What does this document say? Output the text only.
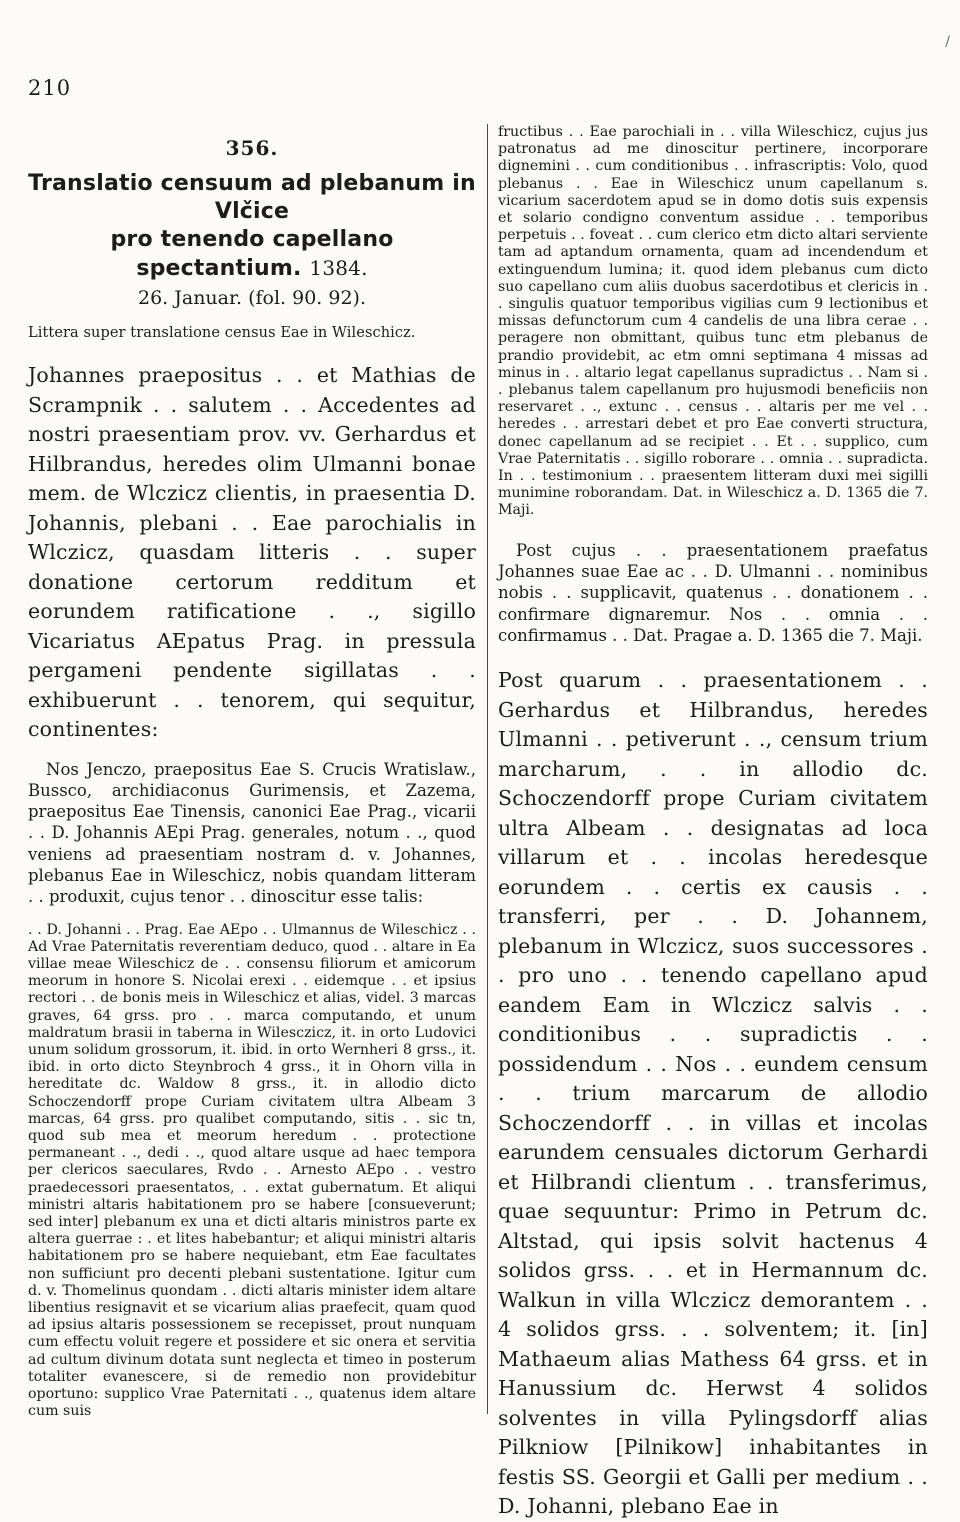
210
/
356.
Translatio censuum ad plebanum in Vlčice
pro tenendo capellano spectantium. 1384.
26. Januar. (fol. 90. 92).
Littera super translatione census Eae in Wileschicz.

Johannes praepositus . . et Mathias de Scrampnik . . salutem . . Accedentes ad nostri praesentiam prov. vv. Gerhardus et Hilbrandus, heredes olim Ulmanni bonae mem. de Wlczicz clientis, in praesentia D. Johannis, plebani . . Eae parochialis in Wlczicz, quasdam litteris . . super donatione certorum redditum et eorundem ratificatione . ., sigillo Vicariatus AEpatus Prag. in pressula pergameni pendente sigillatas . . exhibuerunt . . tenorem, qui sequitur, continentes:

Nos Jenczo, praepositus Eae S. Crucis Wratislaw., Bussco, archidiaconus Gurimensis, et Zazema, praepositus Eae Tinensis, canonici Eae Prag., vicarii . . D. Johannis AEpi Prag. generales, notum . ., quod veniens ad praesentiam nostram d. v. Johannes, plebanus Eae in Wileschicz, nobis quandam litteram . . produxit, cujus tenor . . dinoscitur esse talis:

. . D. Johanni . . Prag. Eae AEpo . . Ulmannus de Wileschicz . . Ad Vrae Paternitatis reverentiam deduco, quod . . altare in Ea villae meae Wileschicz de . . consensu filiorum et amicorum meorum in honore S. Nicolai erexi . . eidemque . . et ipsius rectori . . de bonis meis in Wileschicz et alias, videl. 3 marcas graves, 64 grss. pro . . marca computando, et unum maldratum brasii in taberna in Wilesczicz, it. in orto Ludovici unum solidum grossorum, it. ibid. in orto Wernheri 8 grss., it. ibid. in orto dicto Steynbroch 4 grss., it in Ohorn villa in hereditate dc. Waldow 8 grss., it. in allodio dicto Schoczendorff prope Curiam civitatem ultra Albeam 3 marcas, 64 grss. pro qualibet computando, sitis . . sic tn, quod sub mea et meorum heredum . . protectione permaneant . ., dedi . ., quod altare usque ad haec tempora per clericos saeculares, Rvdo . . Arnesto AEpo . . vestro praedecessori praesentatos, . . extat gubernatum. Et aliqui ministri altaris habitationem pro se habere [consueverunt; sed inter] plebanum ex una et dicti altaris ministros parte ex altera guerrae : . et lites habebantur; et aliqui ministri altaris habitationem pro se habere nequiebant, etm Eae facultates non sufficiunt pro decenti plebani sustentatione. Igitur cum d. v. Thomelinus quondam . . dicti altaris minister idem altare libentius resignavit et se vicarium alias praefecit, quam quod ad ipsius altaris possessionem se recepisset, prout nunquam cum effectu voluit regere et possidere et sic onera et servitia ad cultum divinum dotata sunt neglecta et timeo in posterum totaliter evanescere, si de remedio non providebitur oportuno: supplico Vrae Paternitati . ., quatenus idem altare cum suis

fructibus . . Eae parochiali in . . villa Wileschicz, cujus jus patronatus ad me dinoscitur pertinere, incorporare dignemini . . cum conditionibus . . infrascriptis: Volo, quod plebanus . . Eae in Wileschicz unum capellanum s. vicarium sacerdotem apud se in domo dotis suis expensis et solario condigno conventum assidue . . temporibus perpetuis . . foveat . . cum clerico etm dicto altari serviente tam ad aptandum ornamenta, quam ad incendendum et extinguendum lumina; it. quod idem plebanus cum dicto suo capellano cum aliis duobus sacerdotibus et clericis in . . singulis quatuor temporibus vigilias cum 9 lectionibus et missas defunctorum cum 4 candelis de una libra cerae . . peragere non obmittant, quibus tunc etm plebanus de prandio providebit, ac etm omni septimana 4 missas ad minus in . . altario legat capellanus supradictus . . Nam si . . plebanus talem capellanum pro hujusmodi beneficiis non reservaret . ., extunc . . census . . altaris per me vel . . heredes . . arrestari debet et pro Eae converti structura, donec capellanum ad se recipiet . . Et . . supplico, cum Vrae Paternitatis . . sigillo roborare . . omnia . . supradicta. In . . testimonium . . praesentem litteram duxi mei sigilli munimine roborandam. Dat. in Wileschicz a. D. 1365 die 7. Maji.

Post cujus . . praesentationem praefatus Johannes suae Eae ac . . D. Ulmanni . . nominibus nobis . . supplicavit, quatenus . . donationem . . confirmare dignaremur. Nos . . omnia . . confirmamus . . Dat. Pragae a. D. 1365 die 7. Maji.

Post quarum . . praesentationem . . Gerhardus et Hilbrandus, heredes Ulmanni . . petiverunt . ., censum trium marcharum, . . in allodio dc. Schoczendorff prope Curiam civitatem ultra Albeam . . designatas ad loca villarum et . . incolas heredesque eorundem . . certis ex causis . . transferri, per . . D. Johannem, plebanum in Wlczicz, suos successores . . pro uno . . tenendo capellano apud eandem Eam in Wlczicz salvis . . conditionibus . . supradictis . . possidendum . . Nos . . eundem censum . . trium marcarum de allodio Schoczendorff . . in villas et incolas earundem censuales dictorum Gerhardi et Hilbrandi clientum . . transferimus, quae sequuntur: Primo in Petrum dc. Altstad, qui ipsis solvit hactenus 4 solidos grss. . . et in Hermannum dc. Walkun in villa Wlczicz demorantem . . 4 solidos grss. . . solventem; it. [in] Mathaeum alias Mathess 64 grss. et in Hanussium dc. Herwst 4 solidos solventes in villa Pylingsdorff alias Pilkniow [Pilnikow] inhabitantes in festis SS. Georgii et Galli per medium . . D. Johanni, plebano Eae in
